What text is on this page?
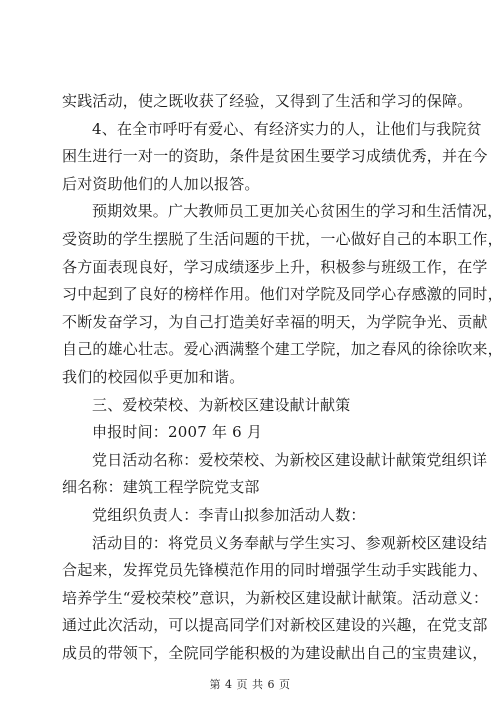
实践活动，使之既收获了经验，又得到了生活和学习的保障。
4、在全市呼吁有爱心、有经济实力的人，让他们与我院贫
困生进行一对一的资助，条件是贫困生要学习成绩优秀，并在今
后对资助他们的人加以报答。
预期效果。广大教师员工更加关心贫困生的学习和生活情况，
受资助的学生摆脱了生活问题的干扰，一心做好自己的本职工作，
各方面表现良好，学习成绩逐步上升，积极参与班级工作，在学
习中起到了良好的榜样作用。他们对学院及同学心存感激的同时，
不断发奋学习，为自己打造美好幸福的明天，为学院争光、贡献
自己的雄心壮志。爱心洒满整个建工学院，加之春风的徐徐吹来，
我们的校园似乎更加和谐。
三、爱校荣校、为新校区建设献计献策
申报时间：2007 年 6 月
党日活动名称：爱校荣校、为新校区建设献计献策党组织详
细名称：建筑工程学院党支部
党组织负责人：李青山拟参加活动人数：
活动目的：将党员义务奉献与学生实习、参观新校区建设结
合起来，发挥党员先锋模范作用的同时增强学生动手实践能力、
培养学生“爱校荣校”意识，为新校区建设献计献策。活动意义：
通过此次活动，可以提高同学们对新校区建设的兴趣，在党支部
成员的带领下，全院同学能积极的为建设献出自己的宝贵建议，
第 4 页 共 6 页
